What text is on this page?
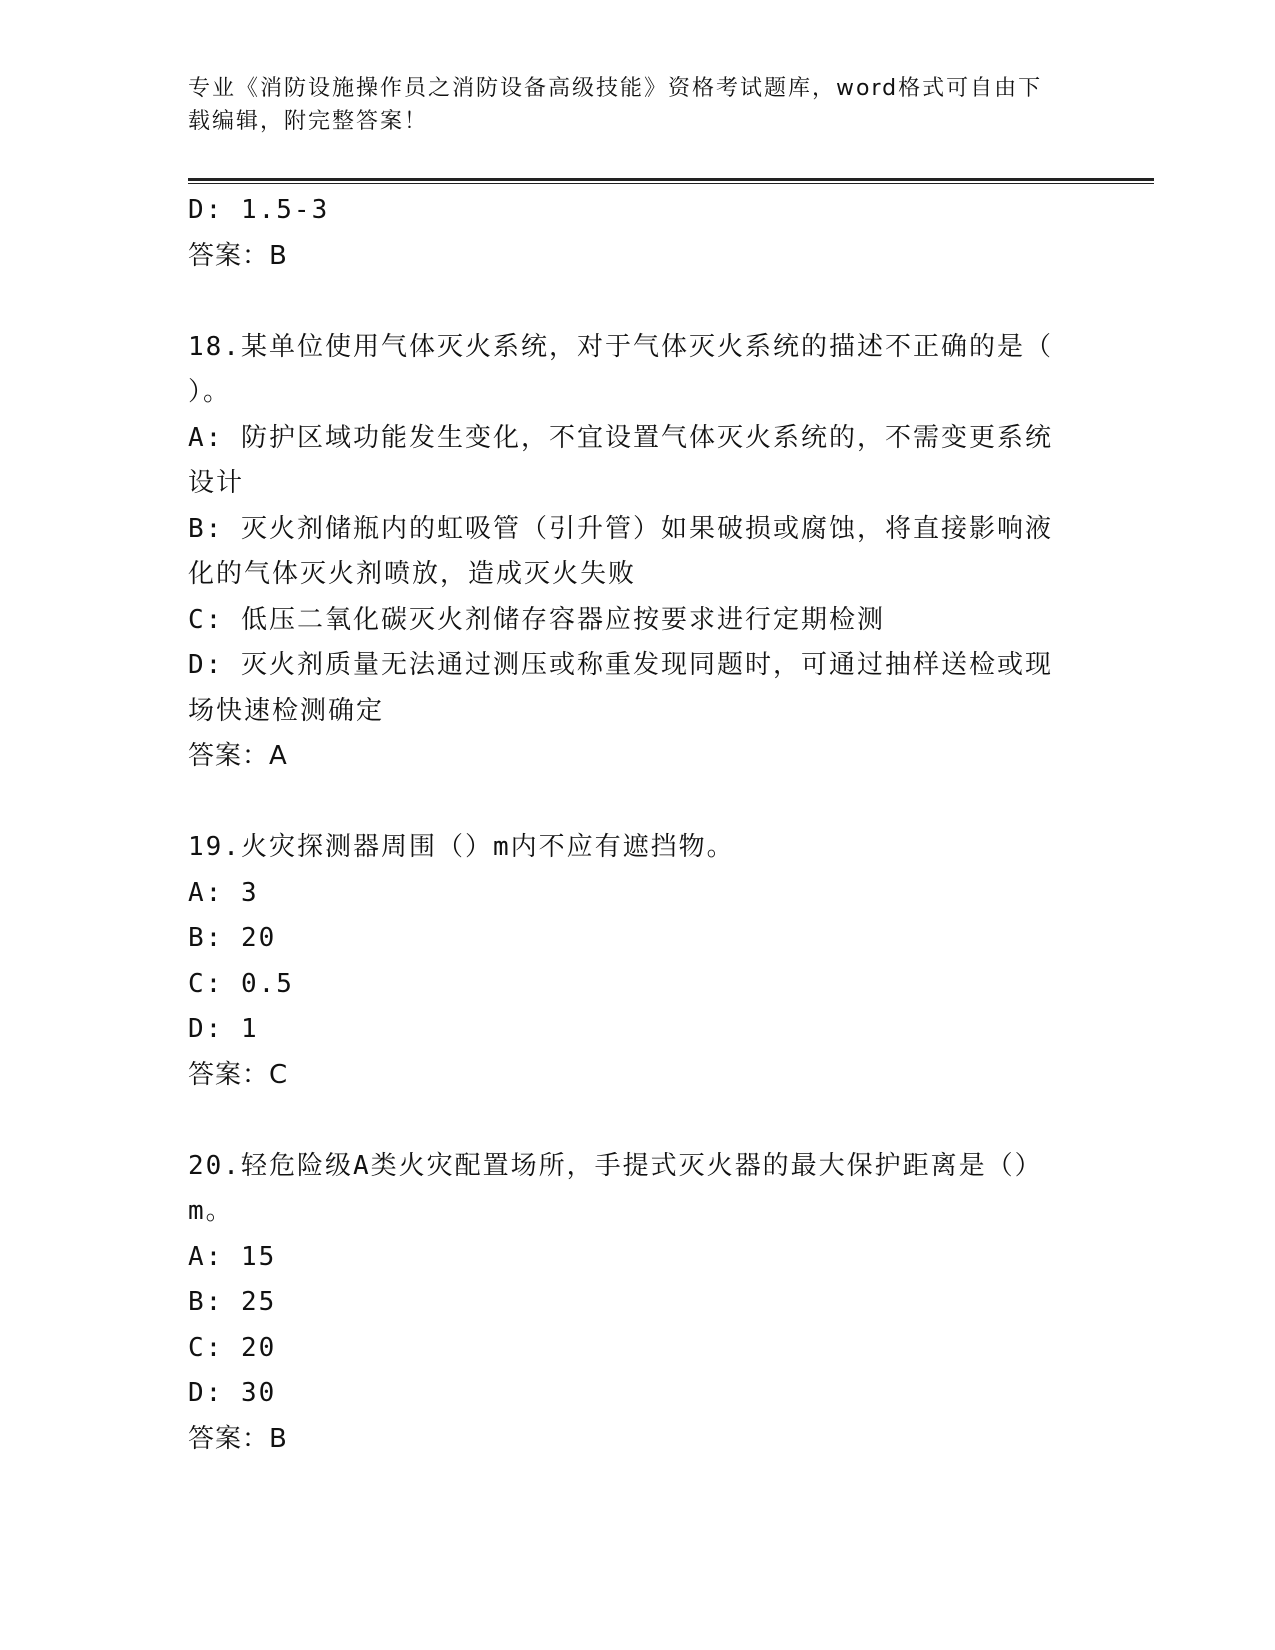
专业《消防设施操作员之消防设备高级技能》资格考试题库，word格式可自由下
载编辑，附完整答案！
D: 1.5-3
答案：B
18.某单位使用气体灭火系统，对于气体灭火系统的描述不正确的是（
）。
A: 防护区域功能发生变化，不宜设置气体灭火系统的，不需变更系统
设计
B: 灭火剂储瓶内的虹吸管（引升管）如果破损或腐蚀，将直接影响液
化的气体灭火剂喷放，造成灭火失败
C: 低压二氧化碳灭火剂储存容器应按要求进行定期检测
D: 灭火剂质量无法通过测压或称重发现同题时，可通过抽样送检或现
场快速检测确定
答案：A
19.火灾探测器周围（）m内不应有遮挡物。
A: 3
B: 20
C: 0.5
D: 1
答案：C
20.轻危险级A类火灾配置场所，手提式灭火器的最大保护距离是（）
m。
A: 15
B: 25
C: 20
D: 30
答案：B
